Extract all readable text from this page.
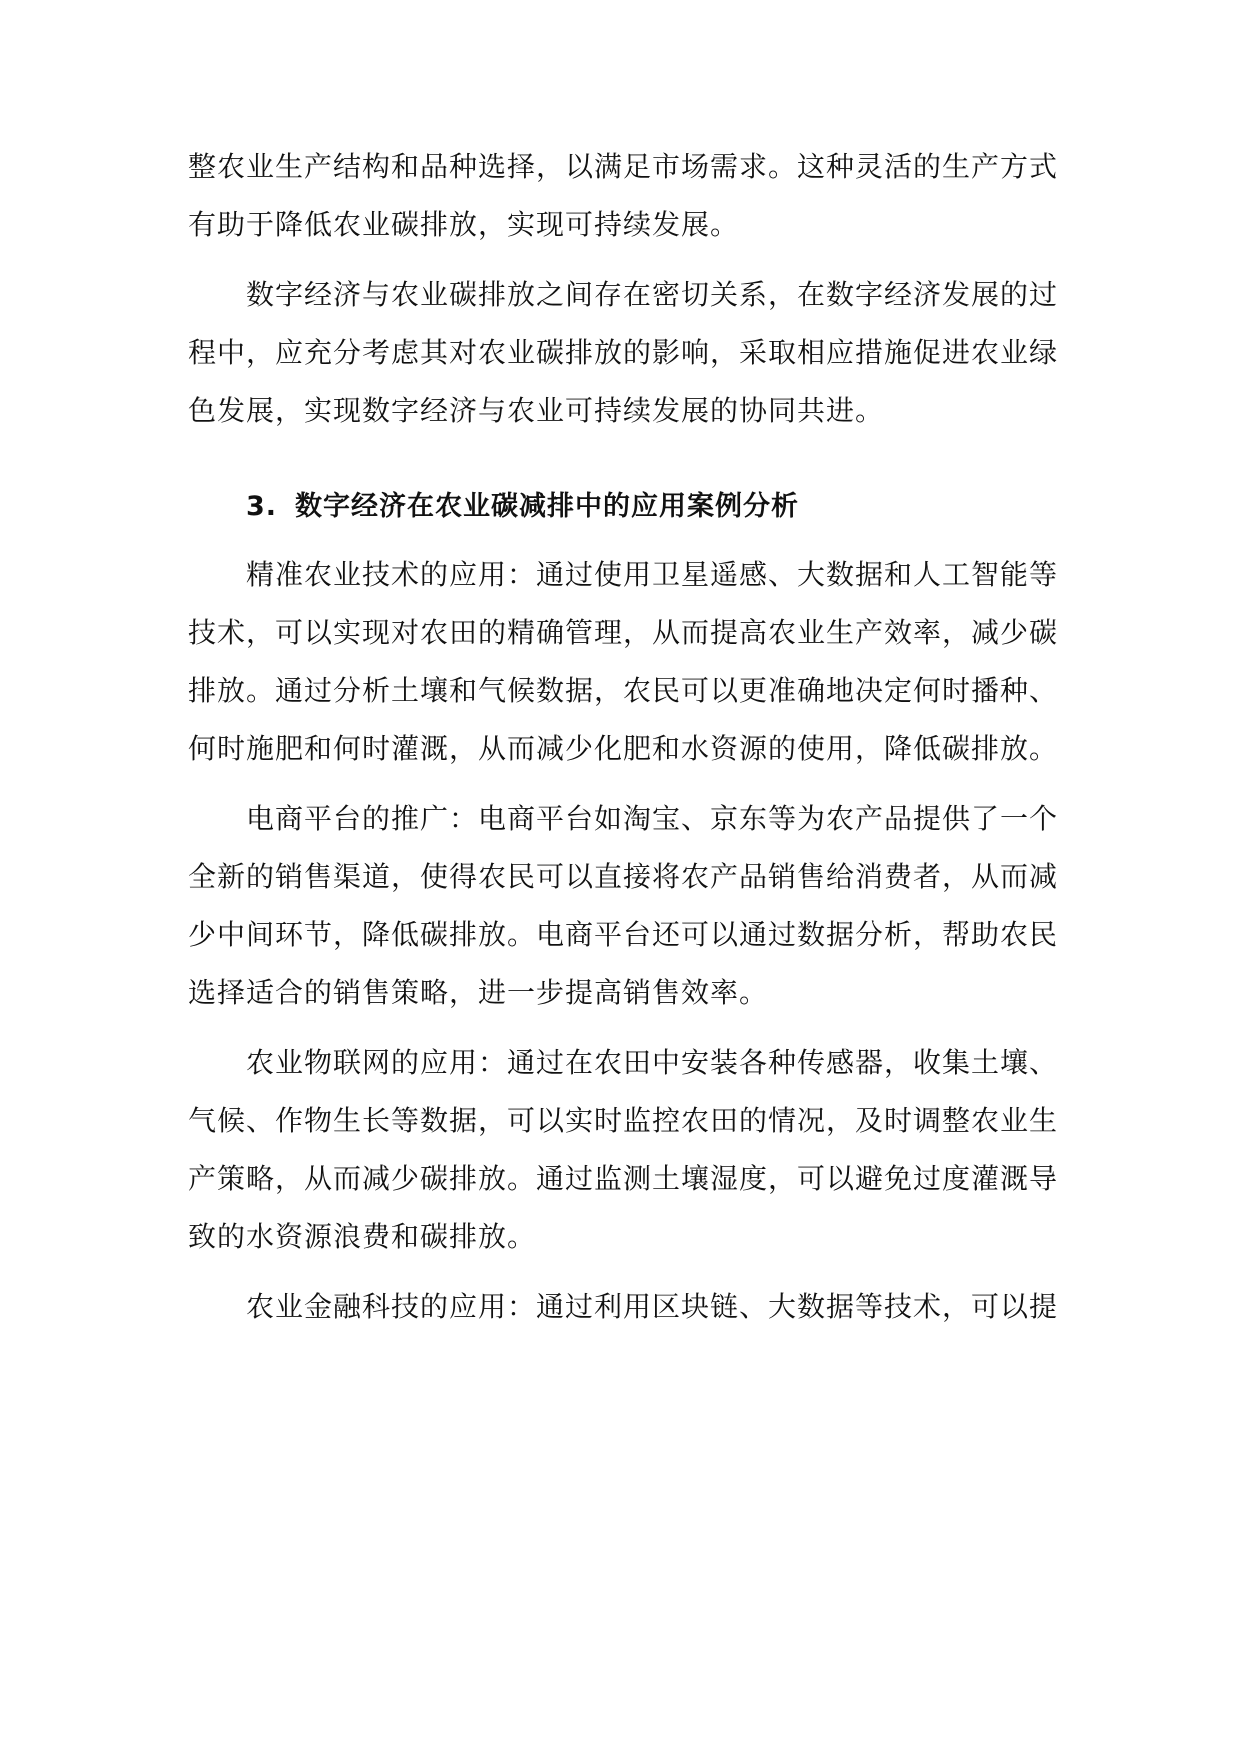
整农业生产结构和品种选择，以满足市场需求。这种灵活的生产方式有助于降低农业碳排放，实现可持续发展。

数字经济与农业碳排放之间存在密切关系，在数字经济发展的过程中，应充分考虑其对农业碳排放的影响，采取相应措施促进农业绿色发展，实现数字经济与农业可持续发展的协同共进。

3. 数字经济在农业碳减排中的应用案例分析

精准农业技术的应用：通过使用卫星遥感、大数据和人工智能等技术，可以实现对农田的精确管理，从而提高农业生产效率，减少碳排放。通过分析土壤和气候数据，农民可以更准确地决定何时播种、何时施肥和何时灌溉，从而减少化肥和水资源的使用，降低碳排放。

电商平台的推广：电商平台如淘宝、京东等为农产品提供了一个全新的销售渠道，使得农民可以直接将农产品销售给消费者，从而减少中间环节，降低碳排放。电商平台还可以通过数据分析，帮助农民选择适合的销售策略，进一步提高销售效率。

农业物联网的应用：通过在农田中安装各种传感器，收集土壤、气候、作物生长等数据，可以实时监控农田的情况，及时调整农业生产策略，从而减少碳排放。通过监测土壤湿度，可以避免过度灌溉导致的水资源浪费和碳排放。

农业金融科技的应用：通过利用区块链、大数据等技术，可以提
